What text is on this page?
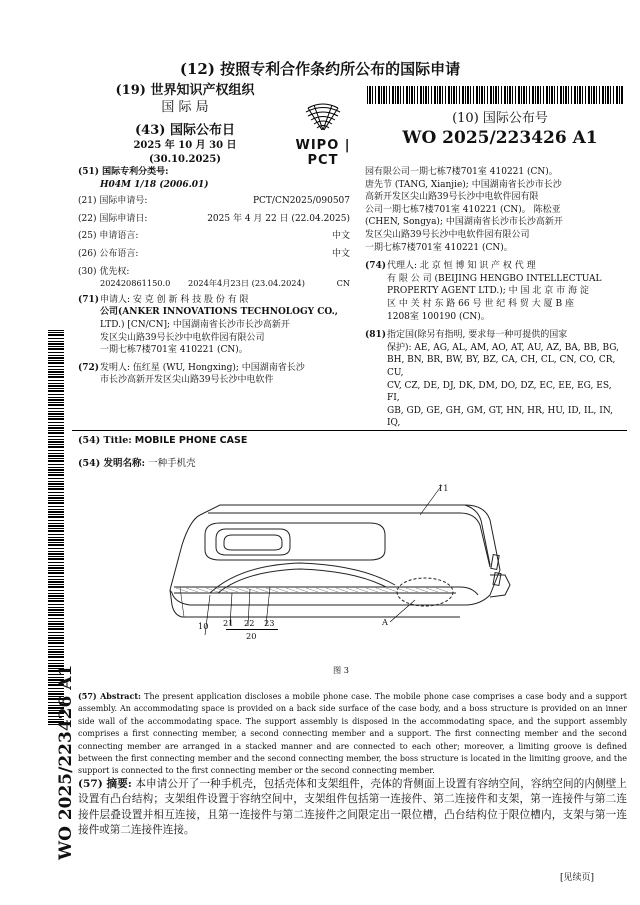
(12) 按照专利合作条约所公布的国际申请
(19) 世界知识产权组织
国 际 局
(43) 国际公布日
2025 年 10 月 30 日 (30.10.2025)
WIPO | PCT
(10) 国际公布号
WO 2025/223426 A1
WO 2025/223426 A1
(51) 国际专利分类号:
H04M 1/18 (2006.01)
(21) 国际申请号:	PCT/CN2025/090507
(22) 国际申请日:	2025 年 4 月 22 日 (22.04.2025)
(25) 申请语言:	中文
(26) 公布语言:	中文
(30) 优先权:
202420861150.0	2024年4月23日 (23.04.2024)	CN
(71) 申请人: 安 克 创 新 科 技 股 份 有 限
公司(ANKER INNOVATIONS TECHNOLOGY CO.,
LTD.) [CN/CN]; 中国湖南省长沙市长沙高新开
发区尖山路39号长沙中电软件园有限公司
一期七栋7楼701室 410221 (CN)。
(72) 发明人: 伍红星 (WU, Hongxing); 中国湖南省长沙
市长沙高新开发区尖山路39号长沙中电软件
园有限公司一期七栋7楼701室 410221 (CN)。
唐先节 (TANG, Xianjie); 中国湖南省长沙市长沙
高新开发区尖山路39号长沙中电软件园有限
公司一期七栋7楼701室 410221 (CN)。 陈松亚
(CHEN, Songya); 中国湖南省长沙市长沙高新开
发区尖山路39号长沙中电软件园有限公司
一期七栋7楼701室 410221 (CN)。
(74) 代理人: 北 京 恒 博 知 识 产 权 代 理
有 限 公 司 (BEIJING HENGBO INTELLECTUAL
PROPERTY AGENT LTD.); 中 国 北 京 市 海 淀
区 中 关 村 东 路 66 号 世 纪 科 贸 大 厦 B 座
1208室 100190 (CN)。
(81) 指定国(除另有指明, 要求每一种可提供的国家
保护): AE, AG, AL, AM, AO, AT, AU, AZ, BA, BB, BG,
BH, BN, BR, BW, BY, BZ, CA, CH, CL, CN, CO, CR, CU,
CV, CZ, DE, DJ, DK, DM, DO, DZ, EC, EE, EG, ES, FI,
GB, GD, GE, GH, GM, GT, HN, HR, HU, ID, IL, IN, IQ,
(54) Title: MOBILE PHONE CASE
(54) 发明名称: 一种手机壳
11
10 21 22 23
20
A
图 3
(57) Abstract: The present application discloses a mobile phone case. The mobile phone case comprises a case body and a support assembly. An accommodating space is provided on a back side surface of the case body, and a boss structure is provided on an inner side wall of the accommodating space. The support assembly is disposed in the accommodating space, and the support assembly comprises a first connecting member, a second connecting member and a support. The first connecting member and the second connecting member are arranged in a stacked manner and are connected to each other; moreover, a limiting groove is defined between the first connecting member and the second connecting member, the boss structure is located in the limiting groove, and the support is connected to the first connecting member or the second connecting member.
(57) 摘要: 本申请公开了一种手机壳，包括壳体和支架组件，壳体的背侧面上设置有容纳空间，容纳空间的内侧壁上设置有凸台结构；支架组件设置于容纳空间中，支架组件包括第一连接件、第二连接件和支架，第一连接件与第二连接件层叠设置并相互连接，且第一连接件与第二连接件之间限定出一限位槽，凸台结构位于限位槽内，支架与第一连接件或第二连接件连接。
[见续页]
